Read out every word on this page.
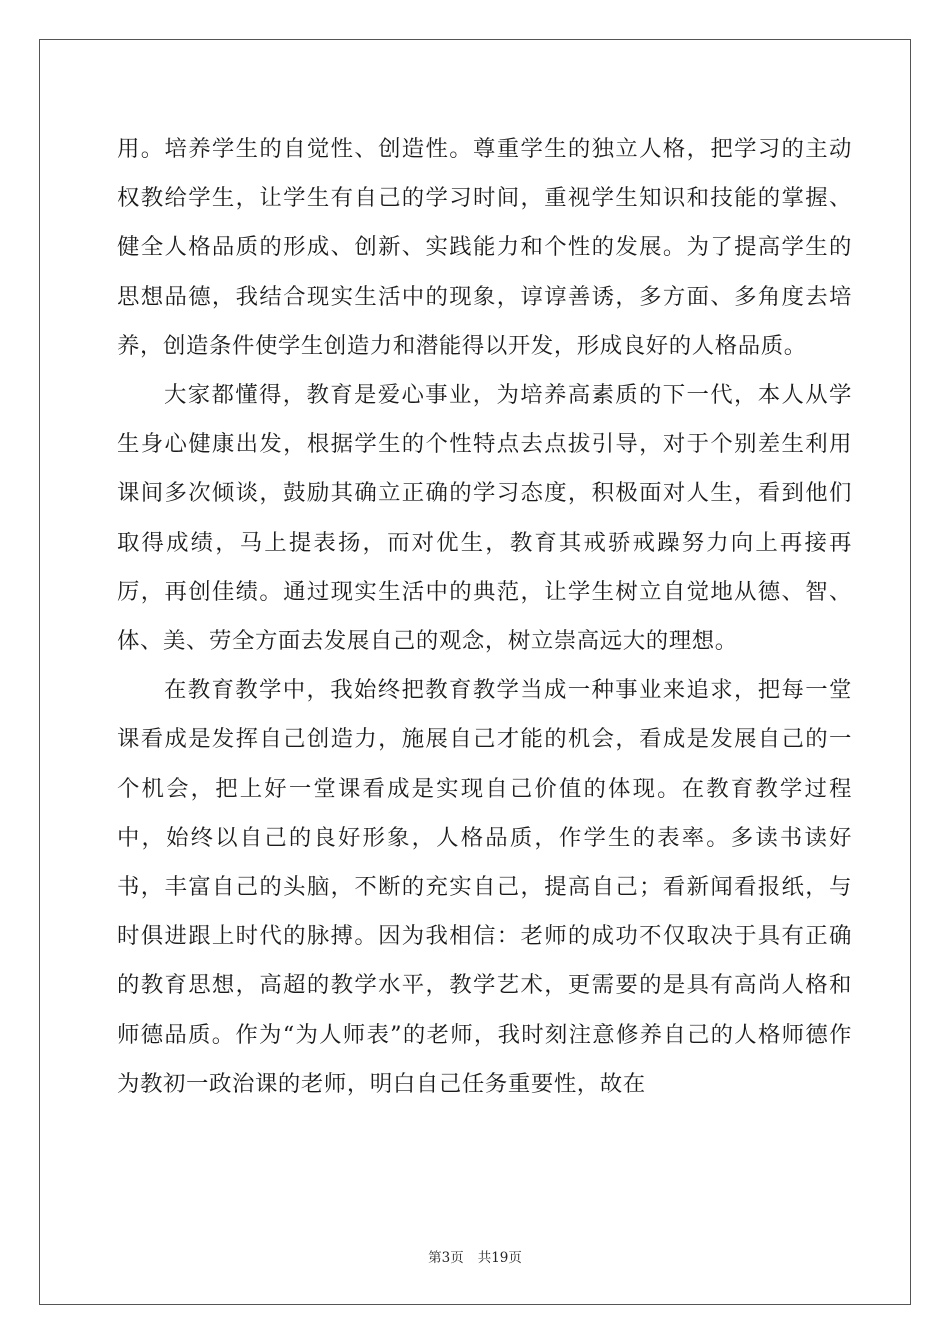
用。培养学生的自觉性、创造性。尊重学生的独立人格，把学习的主动权教给学生，让学生有自己的学习时间，重视学生知识和技能的掌握、健全人格品质的形成、创新、实践能力和个性的发展。为了提高学生的思想品德，我结合现实生活中的现象，谆谆善诱，多方面、多角度去培养，创造条件使学生创造力和潜能得以开发，形成良好的人格品质。

大家都懂得，教育是爱心事业，为培养高素质的下一代，本人从学生身心健康出发，根据学生的个性特点去点拔引导，对于个别差生利用课间多次倾谈，鼓励其确立正确的学习态度，积极面对人生，看到他们取得成绩，马上提表扬，而对优生，教育其戒骄戒躁努力向上再接再厉，再创佳绩。通过现实生活中的典范，让学生树立自觉地从德、智、体、美、劳全方面去发展自己的观念，树立崇高远大的理想。

在教育教学中，我始终把教育教学当成一种事业来追求，把每一堂课看成是发挥自己创造力，施展自己才能的机会，看成是发展自己的一个机会，把上好一堂课看成是实现自己价值的体现。在教育教学过程中，始终以自己的良好形象，人格品质，作学生的表率。多读书读好书，丰富自己的头脑，不断的充实自己，提高自己；看新闻看报纸，与时俱进跟上时代的脉搏。因为我相信：老师的成功不仅取决于具有正确的教育思想，高超的教学水平，教学艺术，更需要的是具有高尚人格和师德品质。作为“为人师表”的老师，我时刻注意修养自己的人格师德作为教初一政治课的老师，明白自己任务重要性，故在

第3页 共19页
